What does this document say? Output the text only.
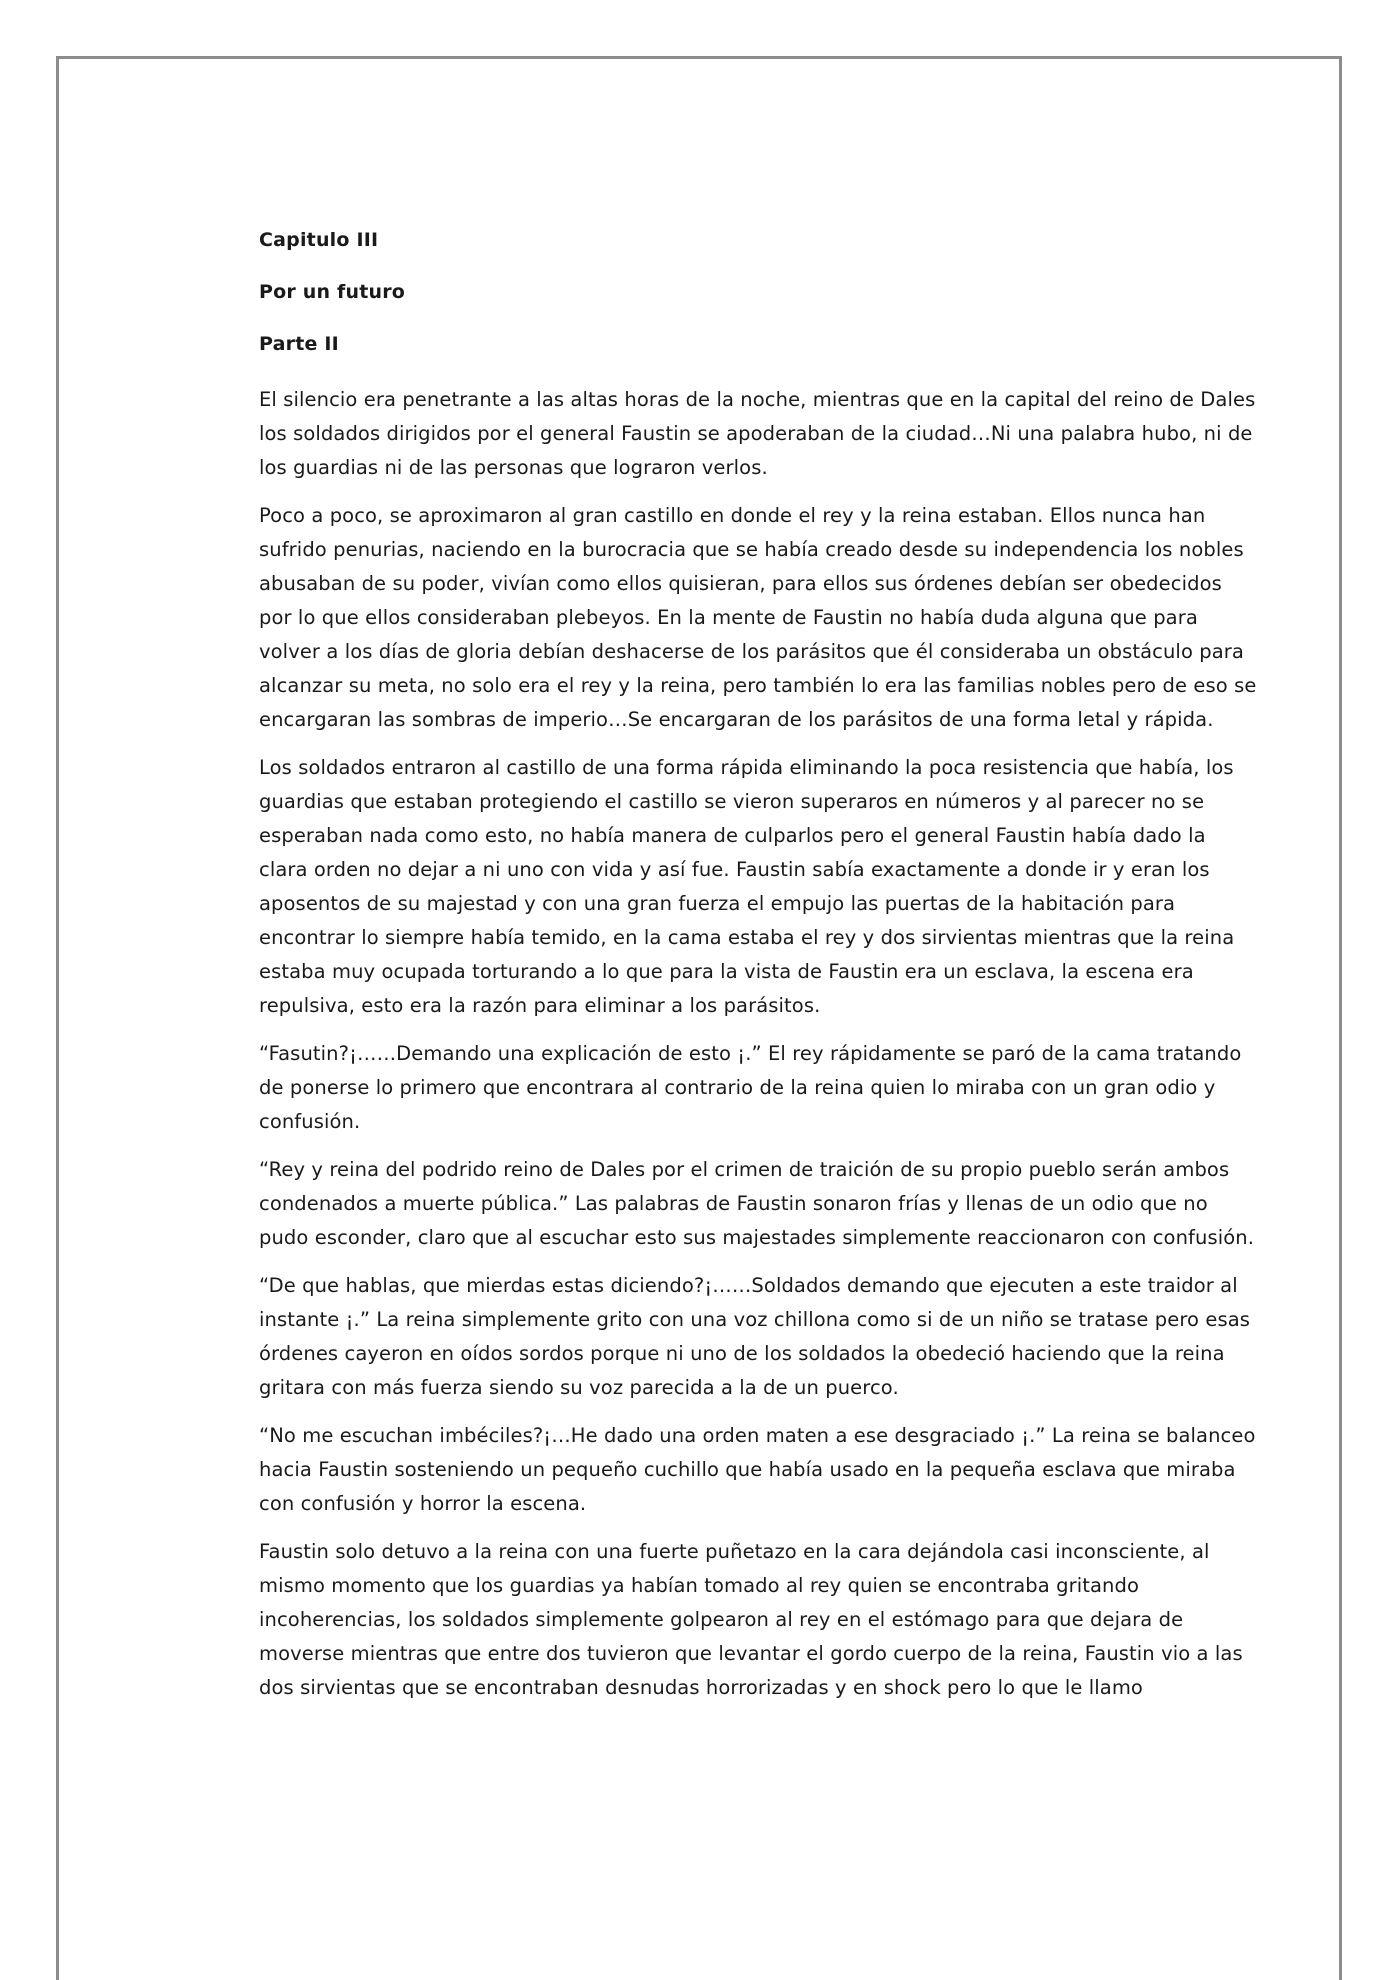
Capitulo III
Por un futuro
Parte II

El silencio era penetrante a las altas horas de la noche, mientras que en la capital del reino de Dales los soldados dirigidos por el general Faustin se apoderaban de la ciudad…Ni una palabra hubo, ni de los guardias ni de las personas que lograron verlos.

Poco a poco, se aproximaron al gran castillo en donde el rey y la reina estaban. Ellos nunca han sufrido penurias, naciendo en la burocracia que se había creado desde su independencia los nobles abusaban de su poder, vivían como ellos quisieran, para ellos sus órdenes debían ser obedecidos por lo que ellos consideraban plebeyos. En la mente de Faustin no había duda alguna que para volver a los días de gloria debían deshacerse de los parásitos que él consideraba un obstáculo para alcanzar su meta, no solo era el rey y la reina, pero también lo era las familias nobles pero de eso se encargaran las sombras de imperio…Se encargaran de los parásitos de una forma letal y rápida.

Los soldados entraron al castillo de una forma rápida eliminando la poca resistencia que había, los guardias que estaban protegiendo el castillo se vieron superaros en números y al parecer no se esperaban nada como esto, no había manera de culparlos pero el general Faustin había dado la clara orden no dejar a ni uno con vida y así fue. Faustin sabía exactamente a donde ir y eran los aposentos de su majestad y con una gran fuerza el empujo las puertas de la habitación para encontrar lo siempre había temido, en la cama estaba el rey y dos sirvientas mientras que la reina estaba muy ocupada torturando a lo que para la vista de Faustin era un esclava, la escena era repulsiva, esto era la razón para eliminar a los parásitos.

“Fasutin?¡……Demando una explicación de esto ¡.” El rey rápidamente se paró de la cama tratando de ponerse lo primero que encontrara al contrario de la reina quien lo miraba con un gran odio y confusión.

“Rey y reina del podrido reino de Dales por el crimen de traición de su propio pueblo serán ambos condenados a muerte pública.” Las palabras de Faustin sonaron frías y llenas de un odio que no pudo esconder, claro que al escuchar esto sus majestades simplemente reaccionaron con confusión.

“De que hablas, que mierdas estas diciendo?¡……Soldados demando que ejecuten a este traidor al instante ¡.” La reina simplemente grito con una voz chillona como si de un niño se tratase pero esas órdenes cayeron en oídos sordos porque ni uno de los soldados la obedeció haciendo que la reina gritara con más fuerza siendo su voz parecida a la de un puerco.

“No me escuchan imbéciles?¡…He dado una orden maten a ese desgraciado ¡.” La reina se balanceo hacia Faustin sosteniendo un pequeño cuchillo que había usado en la pequeña esclava que miraba con confusión y horror la escena.

Faustin solo detuvo a la reina con una fuerte puñetazo en la cara dejándola casi inconsciente, al mismo momento que los guardias ya habían tomado al rey quien se encontraba gritando incoherencias, los soldados simplemente golpearon al rey en el estómago para que dejara de moverse mientras que entre dos tuvieron que levantar el gordo cuerpo de la reina, Faustin vio a las dos sirvientas que se encontraban desnudas horrorizadas y en shock pero lo que le llamo
